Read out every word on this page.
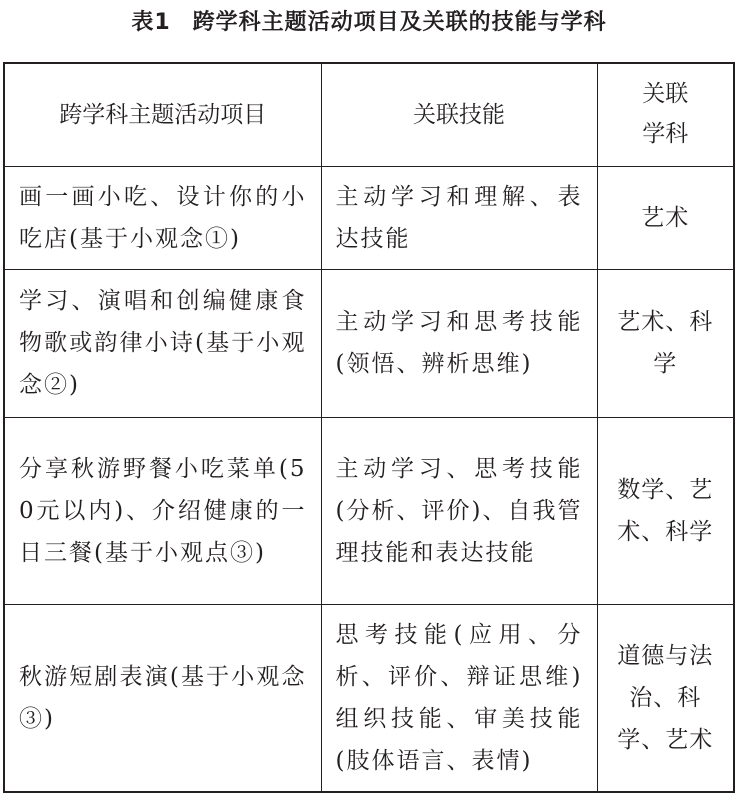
表1 跨学科主题活动项目及关联的技能与学科
跨学科主题活动项目	关联技能	关联学科
画一画小吃、设计你的小吃店(基于小观念①)	主动学习和理解、表达技能	艺术
学习、演唱和创编健康食物歌或韵律小诗(基于小观念②)	主动学习和思考技能(领悟、辨析思维)	艺术、科学
分享秋游野餐小吃菜单(50元以内)、介绍健康的一日三餐(基于小观点③)	主动学习、思考技能(分析、评价)、自我管理技能和表达技能	数学、艺术、科学
秋游短剧表演(基于小观念③)	思考技能(应用、分析、评价、辩证思维)组织技能、审美技能(肢体语言、表情)	道德与法治、科学、艺术
